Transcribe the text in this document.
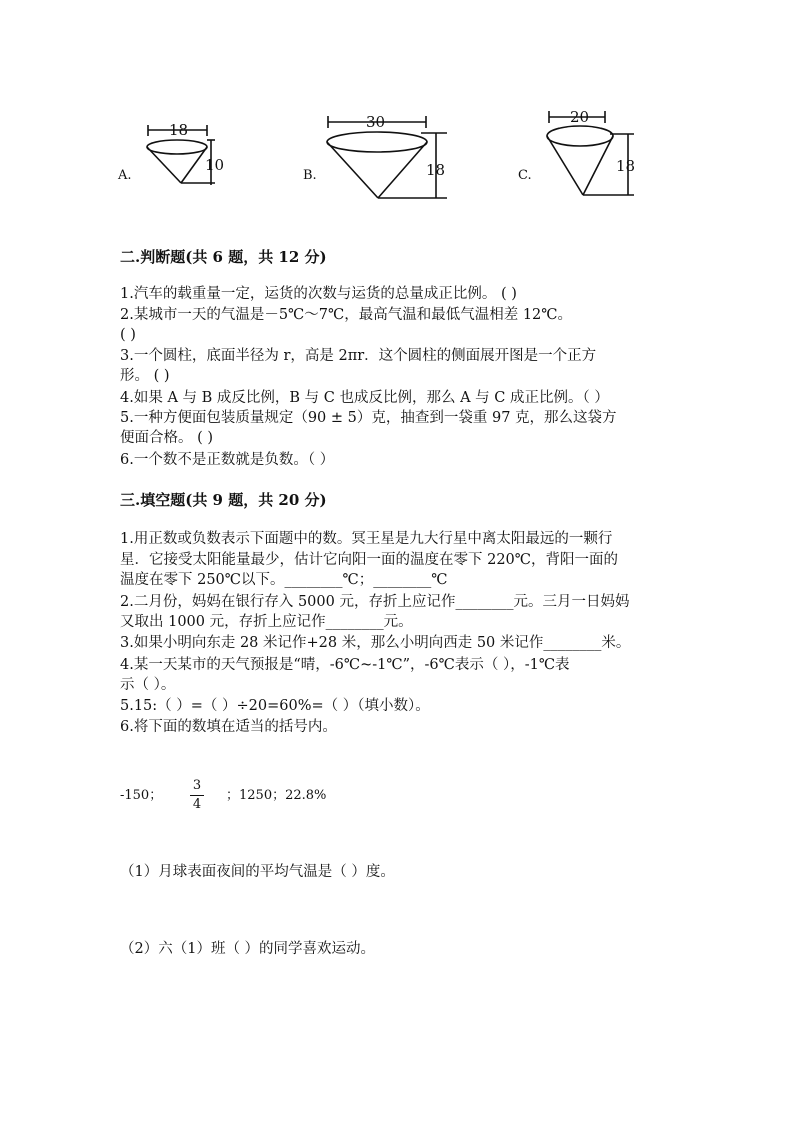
18
10
30
18
20
18
A.	B.	C.
二.判断题(共 6 题，共 12 分)
1.汽车的载重量一定，运货的次数与运货的总量成正比例。 ( )
2.某城市一天的气温是－5℃～7℃，最高气温和最低气温相差 12℃。
( )
3.一个圆柱，底面半径为 r，高是 2πr．这个圆柱的侧面展开图是一个正方
形。 ( )
4.如果 A 与 B 成反比例，B 与 C 也成反比例，那么 A 与 C 成正比例。（ ）
5.一种方便面包装质量规定（90 ± 5）克，抽查到一袋重 97 克，那么这袋方
便面合格。 ( )
6.一个数不是正数就是负数。（ ）
三.填空题(共 9 题，共 20 分)
1.用正数或负数表示下面题中的数。冥王星是九大行星中离太阳最远的一颗行
星．它接受太阳能量最少，估计它向阳一面的温度在零下 220℃，背阳一面的
温度在零下 250℃以下。________℃；________℃
2.二月份，妈妈在银行存入 5000 元，存折上应记作________元。三月一日妈妈
又取出 1000 元，存折上应记作________元。
3.如果小明向东走 28 米记作+28 米，那么小明向西走 50 米记作________米。
4.某一天某市的天气预报是“晴，-6℃~-1℃”，-6℃表示（ ），-1℃表
示（ ）。
5.15:（ ）=（ ）÷20=60%=（ ）（填小数）。
6.将下面的数填在适当的括号内。
-150；
3
4
；1250；22.8%
（1）月球表面夜间的平均气温是（ ）度。
（2）六（1）班（ ）的同学喜欢运动。
